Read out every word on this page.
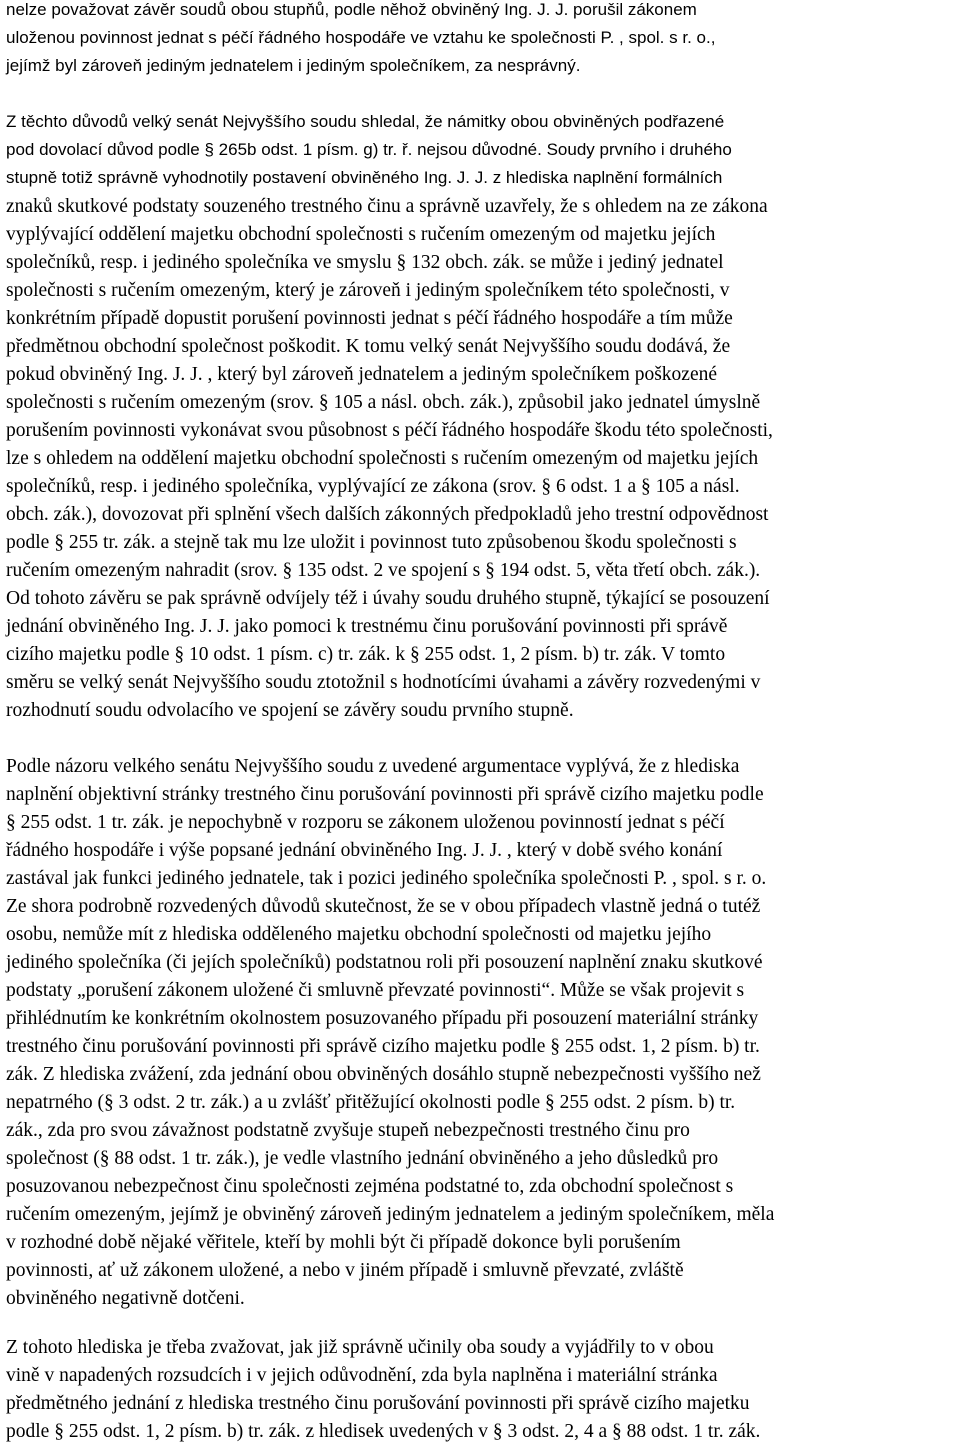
nelze považovat závěr soudů obou stupňů, podle něhož obviněný Ing. J. J. porušil zákonem
uloženou povinnost jednat s péčí řádného hospodáře ve vztahu ke společnosti P. , spol. s r. o.,
jejímž byl zároveň jediným jednatelem i jediným společníkem, za nesprávný.
Z těchto důvodů velký senát Nejvyššího soudu shledal, že námitky obou obviněných podřazené
pod dovolací důvod podle § 265b odst. 1 písm. g) tr. ř. nejsou důvodné. Soudy prvního i druhého
stupně totiž správně vyhodnotily postavení obviněného Ing. J. J. z hlediska naplnění formálních
znaků skutkové podstaty souzeného trestného činu a správně uzavřely, že s ohledem na ze zákona
vyplývající oddělení majetku obchodní společnosti s ručením omezeným od majetku jejích
společníků, resp. i jediného společníka ve smyslu § 132 obch. zák. se může i jediný jednatel
společnosti s ručením omezeným, který je zároveň i jediným společníkem této společnosti, v
konkrétním případě dopustit porušení povinnosti jednat s péčí řádného hospodáře a tím může
předmětnou obchodní společnost poškodit. K tomu velký senát Nejvyššího soudu dodává, že
pokud obviněný Ing. J. J. , který byl zároveň jednatelem a jediným společníkem poškozené
společnosti s ručením omezeným (srov. § 105 a násl. obch. zák.), způsobil jako jednatel úmyslně
porušením povinnosti vykonávat svou působnost s péčí řádného hospodáře škodu této společnosti,
lze s ohledem na oddělení majetku obchodní společnosti s ručením omezeným od majetku jejích
společníků, resp. i jediného společníka, vyplývající ze zákona (srov. § 6 odst. 1 a § 105 a násl.
obch. zák.), dovozovat při splnění všech dalších zákonných předpokladů jeho trestní odpovědnost
podle § 255 tr. zák. a stejně tak mu lze uložit i povinnost tuto způsobenou škodu společnosti s
ručením omezeným nahradit (srov. § 135 odst. 2 ve spojení s § 194 odst. 5, věta třetí obch. zák.).
Od tohoto závěru se pak správně odvíjely též i úvahy soudu druhého stupně, týkající se posouzení
jednání obviněného Ing. J. J. jako pomoci k trestnému činu porušování povinnosti při správě
cizího majetku podle § 10 odst. 1 písm. c) tr. zák. k § 255 odst. 1, 2 písm. b) tr. zák. V tomto
směru se velký senát Nejvyššího soudu ztotožnil s hodnotícími úvahami a závěry rozvedenými v
rozhodnutí soudu odvolacího ve spojení se závěry soudu prvního stupně.
Podle názoru velkého senátu Nejvyššího soudu z uvedené argumentace vyplývá, že z hlediska
naplnění objektivní stránky trestného činu porušování povinnosti při správě cizího majetku podle
§ 255 odst. 1 tr. zák. je nepochybně v rozporu se zákonem uloženou povinností jednat s péčí
řádného hospodáře i výše popsané jednání obviněného Ing. J. J. , který v době svého konání
zastával jak funkci jediného jednatele, tak i pozici jediného společníka společnosti P. , spol. s r. o.
Ze shora podrobně rozvedených důvodů skutečnost, že se v obou případech vlastně jedná o tutéž
osobu, nemůže mít z hlediska odděleného majetku obchodní společnosti od majetku jejího
jediného společníka (či jejích společníků) podstatnou roli při posouzení naplnění znaku skutkové
podstaty „porušení zákonem uložené či smluvně převzaté povinnosti“. Může se však projevit s
přihlédnutím ke konkrétním okolnostem posuzovaného případu při posouzení materiální stránky
trestného činu porušování povinnosti při správě cizího majetku podle § 255 odst. 1, 2 písm. b) tr.
zák. Z hlediska zvážení, zda jednání obou obviněných dosáhlo stupně nebezpečnosti vyššího než
nepatrného (§ 3 odst. 2 tr. zák.) a u zvlášť přitěžující okolnosti podle § 255 odst. 2 písm. b) tr.
zák., zda pro svou závažnost podstatně zvyšuje stupeň nebezpečnosti trestného činu pro
společnost (§ 88 odst. 1 tr. zák.), je vedle vlastního jednání obviněného a jeho důsledků pro
posuzovanou nebezpečnost činu společnosti zejména podstatné to, zda obchodní společnost s
ručením omezeným, jejímž je obviněný zároveň jediným jednatelem a jediným společníkem, měla
v rozhodné době nějaké věřitele, kteří by mohli být či případě dokonce byli porušením
povinnosti, ať už zákonem uložené, a nebo v jiném případě i smluvně převzaté, zvláště
obviněného negativně dotčeni.
Z tohoto hlediska je třeba zvažovat, jak již správně učinily oba soudy a vyjádřily to v obou
vině v napadených rozsudcích i v jejich odůvodnění, zda byla naplněna i materiální stránka
předmětného jednání z hlediska trestného činu porušování povinnosti při správě cizího majetku
podle § 255 odst. 1, 2 písm. b) tr. zák. z hledisek uvedených v § 3 odst. 2, 4 a § 88 odst. 1 tr. zák.
